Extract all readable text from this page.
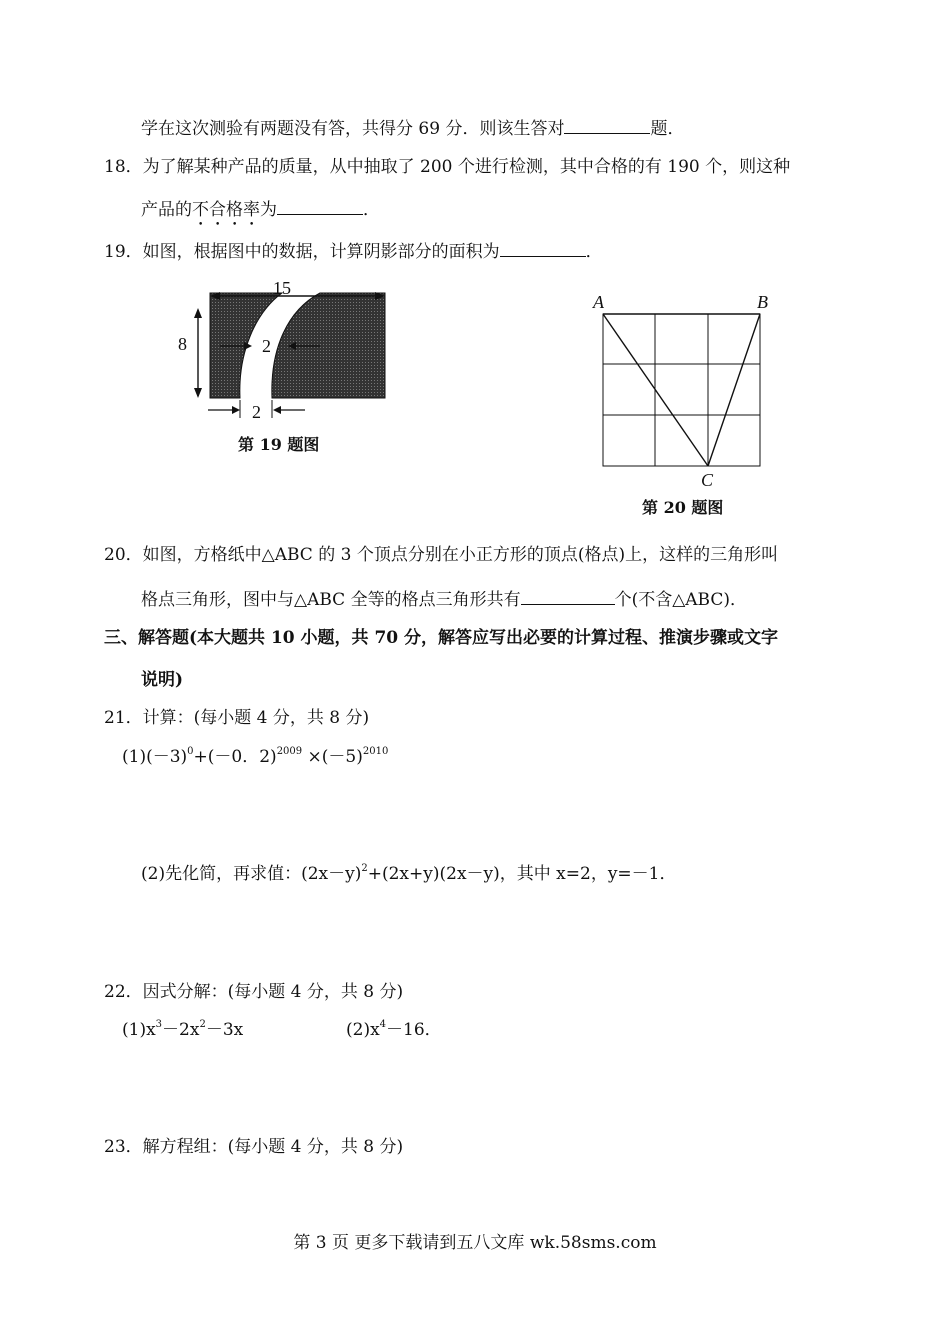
学在这次测验有两题没有答，共得分 69 分．则该生答对	题．
18．为了解某种产品的质量，从中抽取了 200 个进行检测，其中合格的有 190 个，则这种
产品的不合格率为	．
19．如图，根据图中的数据，计算阴影部分的面积为	．
15
8	2
2
第 19 题图
A	B
C
第 20 题图
20．如图，方格纸中△ABC 的 3 个顶点分别在小正方形的顶点(格点)上，这样的三角形叫
格点三角形，图中与△ABC 全等的格点三角形共有	个(不含△ABC)．
三、解答题(本大题共 10 小题，共 70 分，解答应写出必要的计算过程、推演步骤或文字
说明)
21．计算：(每小题 4 分，共 8 分)
$(1)(-3)^0+(-0$．$2)^{2009} \times(-5)^{2010}$
(2)先化简，再求值：$(2x-y)^2+(2x+y)(2x-y)$，其中 x=2，y=－1．
22．因式分解：(每小题 4 分，共 8 分)
$(1)x^3-2x^2-3x$	$(2)x^4-16$．
23．解方程组：(每小题 4 分，共 8 分)
第 3 页 更多下载请到五八文库 wk.58sms.com
